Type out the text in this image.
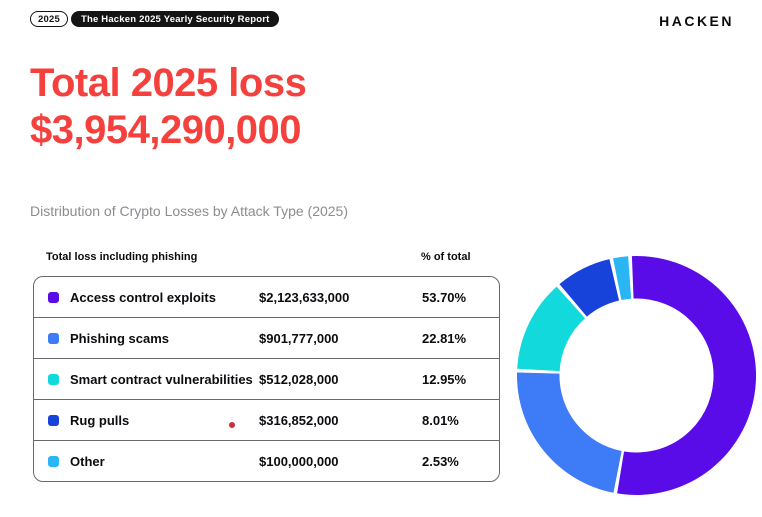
2025	The Hacken 2025 Yearly Security Report	HACKEN
Total 2025 loss
$3,954,290,000
Distribution of Crypto Losses by Attack Type (2025)
Total loss including phishing	% of total
Access control exploits	$2,123,633,000	53.70%
Phishing scams	$901,777,000	22.81%
Smart contract vulnerabilities $512,028,000	12.95%
Rug pulls	$316,852,000	8.01%
Other	$100,000,000	2.53%
